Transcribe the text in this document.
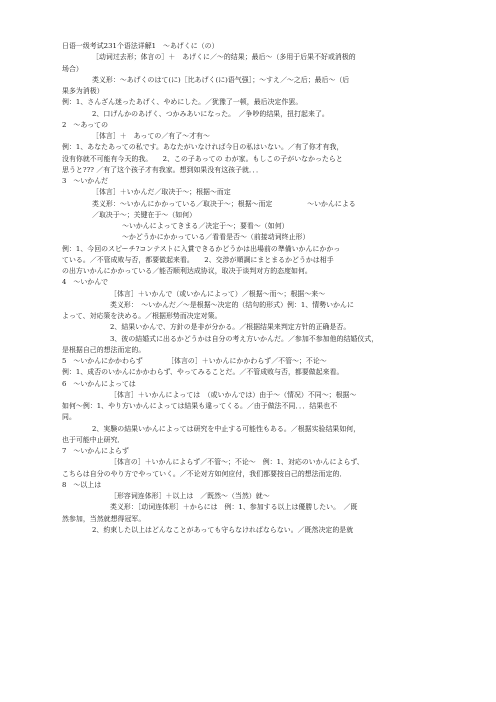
日语一级考试231个语法详解1　～あげくに（の）
［动词过去形；体言の］＋　あげくに／～的结果；最后～（多用于后果不好或消极的
场合）
类义形：～あげくのはて(に)［比あげく(に)语气强］；～すえ／～之后；最后～（后
果多为消极）
例：1、さんざん迷ったあげく、やめにした。／犹豫了一顿，最后决定作罢。
2、口げんかのあげく、つかみあいになった。　／争吵的结果，扭打起来了。
2　～あっての
［体言］＋　あっての／有了～才有～
例：1、あなたあっての私です。あなたがいなければ今日の私はいない。／有了你才有我，
没有你就不可能有今天的我。　　2、この子あっての わが家。もしこの子がいなかったらと
思うと??? ／有了这个孩子才有我家。想到如果没有这孩子就．．．
3　～いかんだ
［体言］＋いかんだ／取决于～；根据～而定
类义形：～いかんにかかっている／取决于～；根据～而定　　　　　～いかんによる
／取决于～；关键在于～（如何）
～いかんによってきまる／决定于～；要看～（如何）
～かどうかにかかっている／看看是否～（前接动词终止形）
例：1、今回のスピーチ?コンテストに入賞できるかどうかは出場前の準備いかんにかかっ
ている。／不管成败与否，都要做起来看。　　2、交涉が順調にまとまるかどうかは相手
の出方いかんにかかっている／能否顺利达成协议，取决于谈判对方的态度如何。
4　～いかんで
［体言］＋いかんで（或いかんによって）／根据～而～；根据～来～
类义形：　～いかんだ／～是根据～决定的（结句的形式）例：1、情勢いかんに
よって、対応策を決める。／根据形势而决定对策。
2、結果いかんで、方針の是非が分かる。／根据结果来判定方针的正确是否。
3、彼の結婚式に出るかどうかは自分の考え方いかんだ。／参加不参加他的结婚仪式，
是根据自己的想法而定的。
5　～いかんにかかわらず　　　　［体言の］＋いかんにかかわらず／不管～；不论～
例：1、成否のいかんにかかわらず、やってみることだ。／不管成败与否，都要做起来看。
6　～いかんによっては
［体言］＋いかんによっては　（或いかんでは）由于～（情况）不同～；根据～
如何～例：1、やり方いかんによっては結果も違ってくる。／由于做法不同．．．结果也不
同。
2、実験の結果いかんによっては研究を中止する可能性もある。／根据实验结果如何，
也于可能中止研究．
7　～いかんによらず
［体言の］＋いかんによらず／不管～；不论～　例：1、対応のいかんによらず、
こちらは自分のやり方でやっていく。／不论对方如何应付，我们都要按自己的想法而定的．
8　～以上は
［形容词连体形］＋以上は　／既然～（当然）就～
类义形：［动词连体形］＋からには　例：1、参加する以上は優勝したい。　／既
然参加，当然就想得冠军。
2、約束した以上はどんなことがあっても守らなければならない。／既然决定的是就
